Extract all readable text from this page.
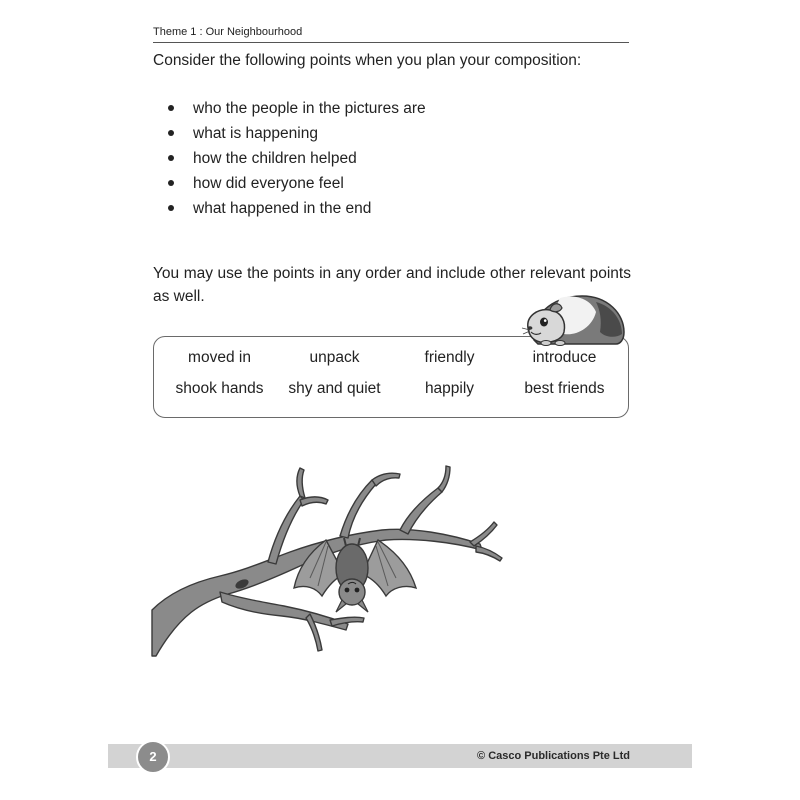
Theme 1 : Our Neighbourhood
Consider the following points when you plan your composition:
who the people in the pictures are
what is happening
how the children helped
how did everyone feel
what happened in the end
You may use the points in any order and include other relevant points as well.
moved in	unpack	friendly	introduce
shook hands	shy and quiet	happily	best friends
2	© Casco Publications Pte Ltd
